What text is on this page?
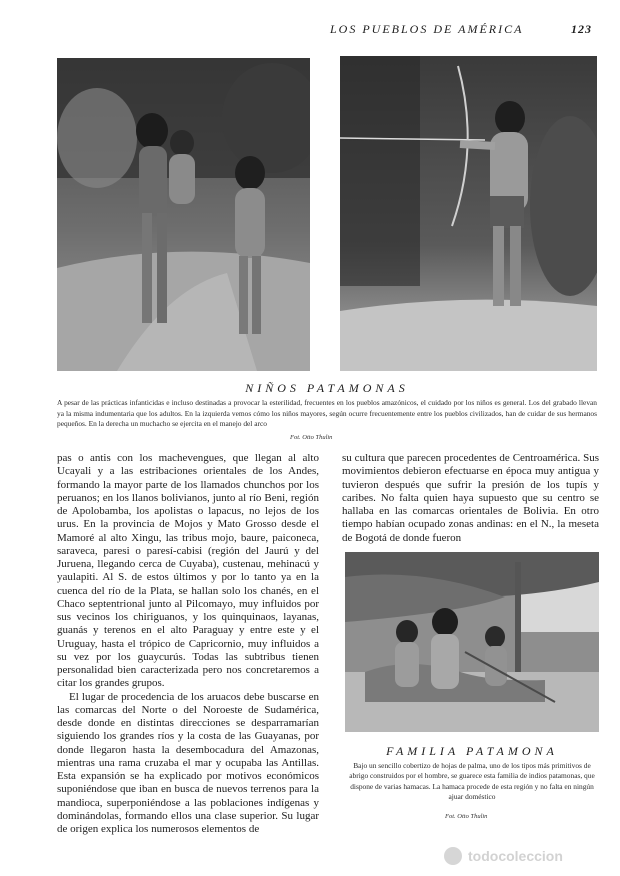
LOS PUEBLOS DE AMÉRICA	123
NIÑOS PATAMONAS
A pesar de las prácticas infanticidas e incluso destinadas a provocar la esterilidad, frecuentes en los pueblos amazónicos, el cuidado por los niños es general. Los del grabado llevan ya la misma indumentaria que los adultos. En la izquierda vemos cómo los niños mayores, según ocurre frecuentemente entre los pueblos civilizados, han de cuidar de sus hermanos pequeños. En la derecha un muchacho se ejercita en el manejo del arco
Fot. Otto Thulin

pas o antis con los machevengues, que llegan al alto Ucayali y a las estribaciones orientales de los Andes, formando la mayor parte de los llamados chunchos por los peruanos; en los llanos bolivianos, junto al río Beni, región de Apolobamba, los apolistas o lapacus, no lejos de los urus. En la provincia de Mojos y Mato Grosso desde el Mamoré al alto Xingu, las tribus mojo, baure, paiconeca, saraveca, paresi o paresí-cabisi (región del Jaurú y del Juruena, llegando cerca de Cuyaba), custenau, mehinacú y yaulapiti. Al S. de estos últimos y por lo tanto ya en la cuenca del río de la Plata, se hallan solo los chanés, en el Chaco septentrional junto al Pilcomayo, muy influidos por sus vecinos los chiriguanos, y los quinquinaos, layanas, guanás y terenos en el alto Paraguay y entre este y el Uruguay, hasta el trópico de Capricornio, muy influidos a su vez por los guaycurús. Todas las subtribus tienen personalidad bien caracterizada pero nos concretaremos a citar los grandes grupos.

El lugar de procedencia de los aruacos debe buscarse en las comarcas del Norte o del Noroeste de Sudamérica, desde donde en distintas direcciones se desparramarían siguiendo los grandes ríos y la costa de las Guayanas, por donde llegaron hasta la desembocadura del Amazonas, mientras una rama cruzaba el mar y ocupaba las Antillas. Esta expansión se ha explicado por motivos económicos suponiéndose que iban en busca de nuevos terrenos para la mandioca, superponiéndose a las poblaciones indígenas y dominándolas, formando ellos una clase superior. Su lugar de origen explica los numerosos elementos de

su cultura que parecen procedentes de Centroamérica. Sus movimientos debieron efectuarse en época muy antigua y tuvieron después que sufrir la presión de los tupís y caribes. No falta quien haya supuesto que su centro se hallaba en las comarcas orientales de Bolivia. En otro tiempo habían ocupado zonas andinas: en el N., la meseta de Bogotá de donde fueron

FAMILIA PATAMONA
Bajo un sencillo cobertizo de hojas de palma, uno de los tipos más primitivos de abrigo construidos por el hombre, se guarece esta familia de indios patamonas, que dispone de varias hamacas. La hamaca procede de esta región y no falta en ningún ajuar doméstico
Fot. Otto Thulin
todocoleccion
